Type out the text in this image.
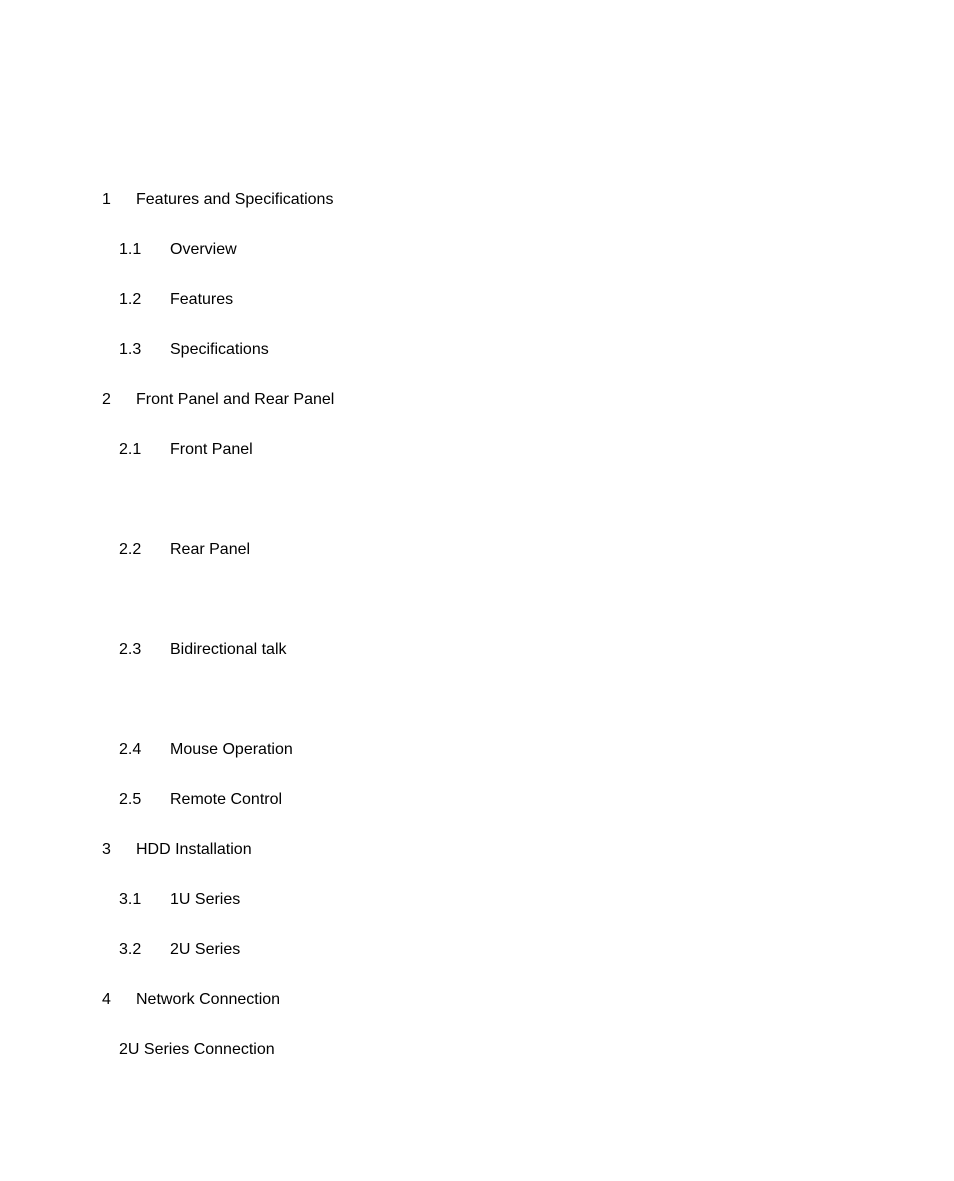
1 Features and Specifications
1.1 Overview
1.2 Features
1.3 Specifications
2 Front Panel and Rear Panel
2.1 Front Panel
2.2 Rear Panel
2.3 Bidirectional talk
2.4 Mouse Operation
2.5 Remote Control
3 HDD Installation
3.1 1U Series
3.2 2U Series
4 Network Connection
2U Series Connection
